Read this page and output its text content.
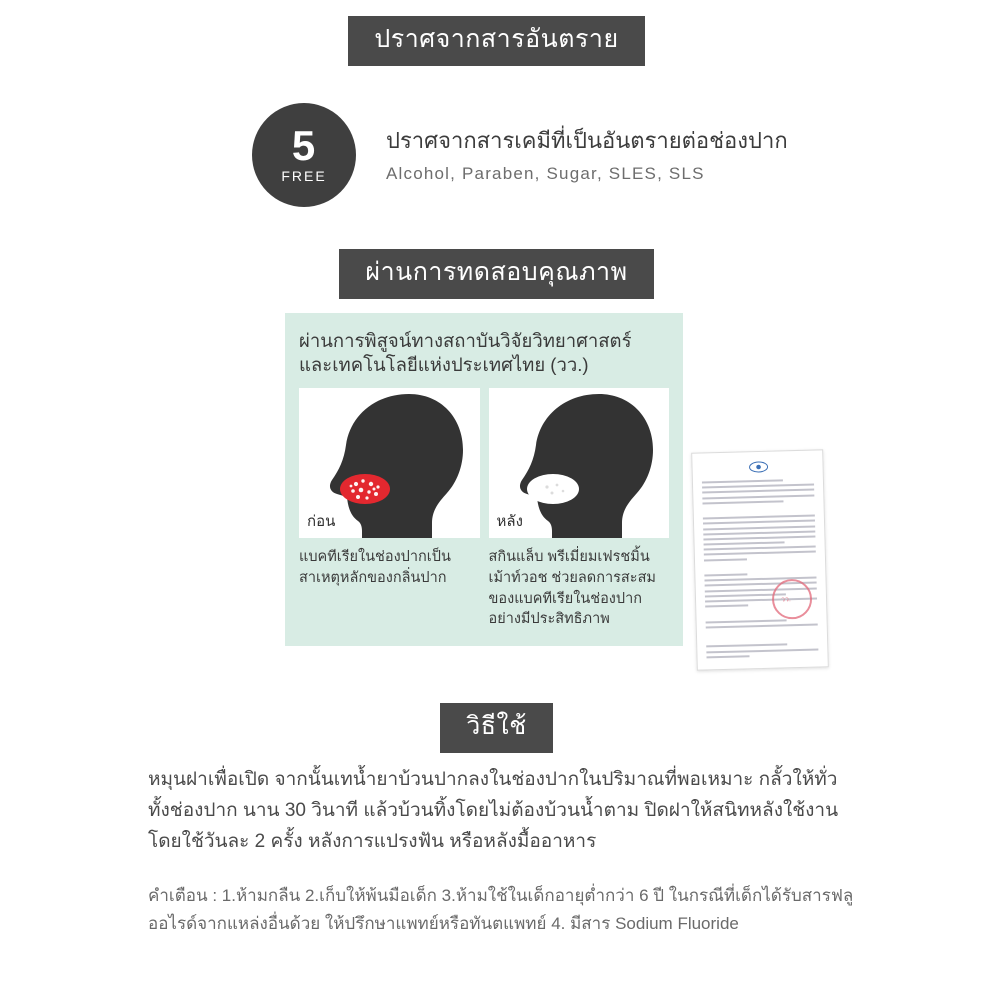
ปราศจากสารอันตราย
5
FREE
ปราศจากสารเคมีที่เป็นอันตรายต่อช่องปาก
Alcohol, Paraben, Sugar, SLES, SLS
ผ่านการทดสอบคุณภาพ
ผ่านการพิสูจน์ทางสถาบันวิจัยวิทยาศาสตร์
และเทคโนโลยีแห่งประเทศไทย (วว.)
ก่อน	หลัง
แบคทีเรียในช่องปากเป็นสาเหตุหลักของกลิ่นปาก
สกินแล็บ พรีเมี่ยมเฟรชมิ้นเม้าท์วอช ช่วยลดการสะสมของแบคทีเรียในช่องปากอย่างมีประสิทธิภาพ
วว.
วิธีใช้
หมุนฝาเพื่อเปิด จากนั้นเทน้ำยาบ้วนปากลงในช่องปากในปริมาณที่พอเหมาะ กลั้วให้ทั่วทั้งช่องปาก นาน 30 วินาที แล้วบ้วนทิ้งโดยไม่ต้องบ้วนน้ำตาม ปิดฝาให้สนิทหลังใช้งาน โดยใช้วันละ 2 ครั้ง หลังการแปรงฟัน หรือหลังมื้ออาหาร
คำเตือน : 1.ห้ามกลืน 2.เก็บให้พ้นมือเด็ก 3.ห้ามใช้ในเด็กอายุต่ำกว่า 6 ปี ในกรณีที่เด็กได้รับสารฟลูออไรด์จากแหล่งอื่นด้วย ให้ปรึกษาแพทย์หรือทันตแพทย์ 4. มีสาร Sodium Fluoride
